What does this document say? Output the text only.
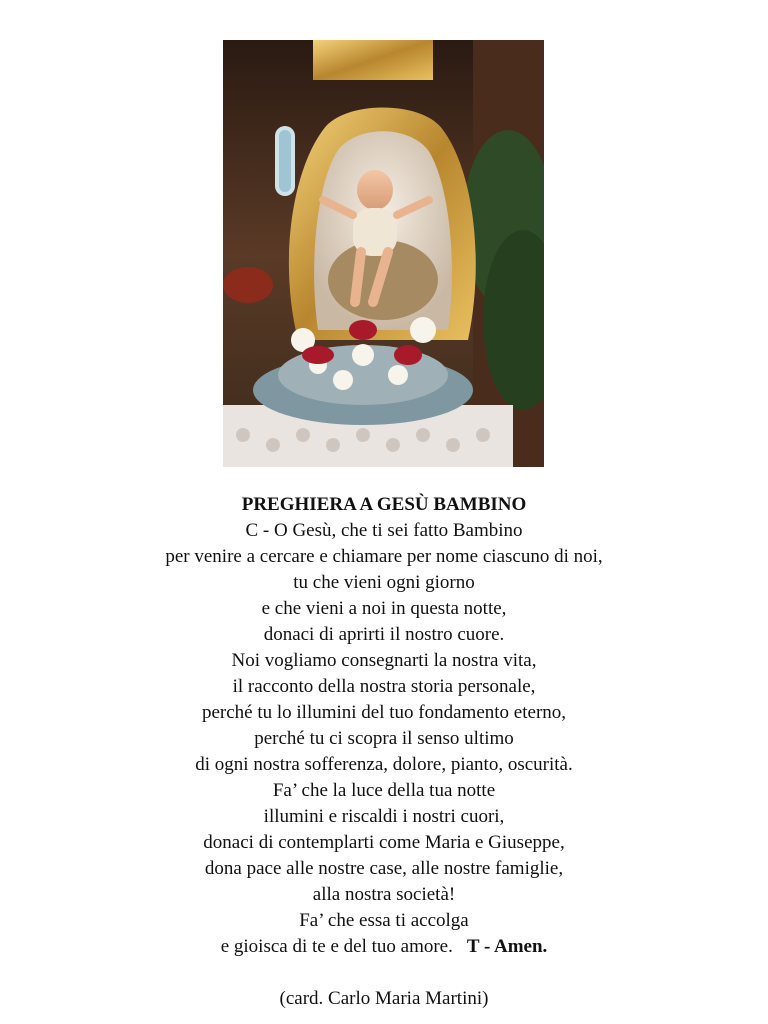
PREGHIERA A GESÙ BAMBINO

C - O Gesù, che ti sei fatto Bambino

per venire a cercare e chiamare per nome ciascuno di noi,

tu che vieni ogni giorno

e che vieni a noi in questa notte,

donaci di aprirti il nostro cuore.

Noi vogliamo consegnarti la nostra vita,

il racconto della nostra storia personale,

perché tu lo illumini del tuo fondamento eterno,

perché tu ci scopra il senso ultimo

di ogni nostra sofferenza, dolore, pianto, oscurità.

Fa’ che la luce della tua notte

illumini e riscaldi i nostri cuori,

donaci di contemplarti come Maria e Giuseppe,

dona pace alle nostre case, alle nostre famiglie,

alla nostra società!

Fa’ che essa ti accolga

e gioisca di te e del tuo amore. T - Amen.

(card. Carlo Maria Martini)
